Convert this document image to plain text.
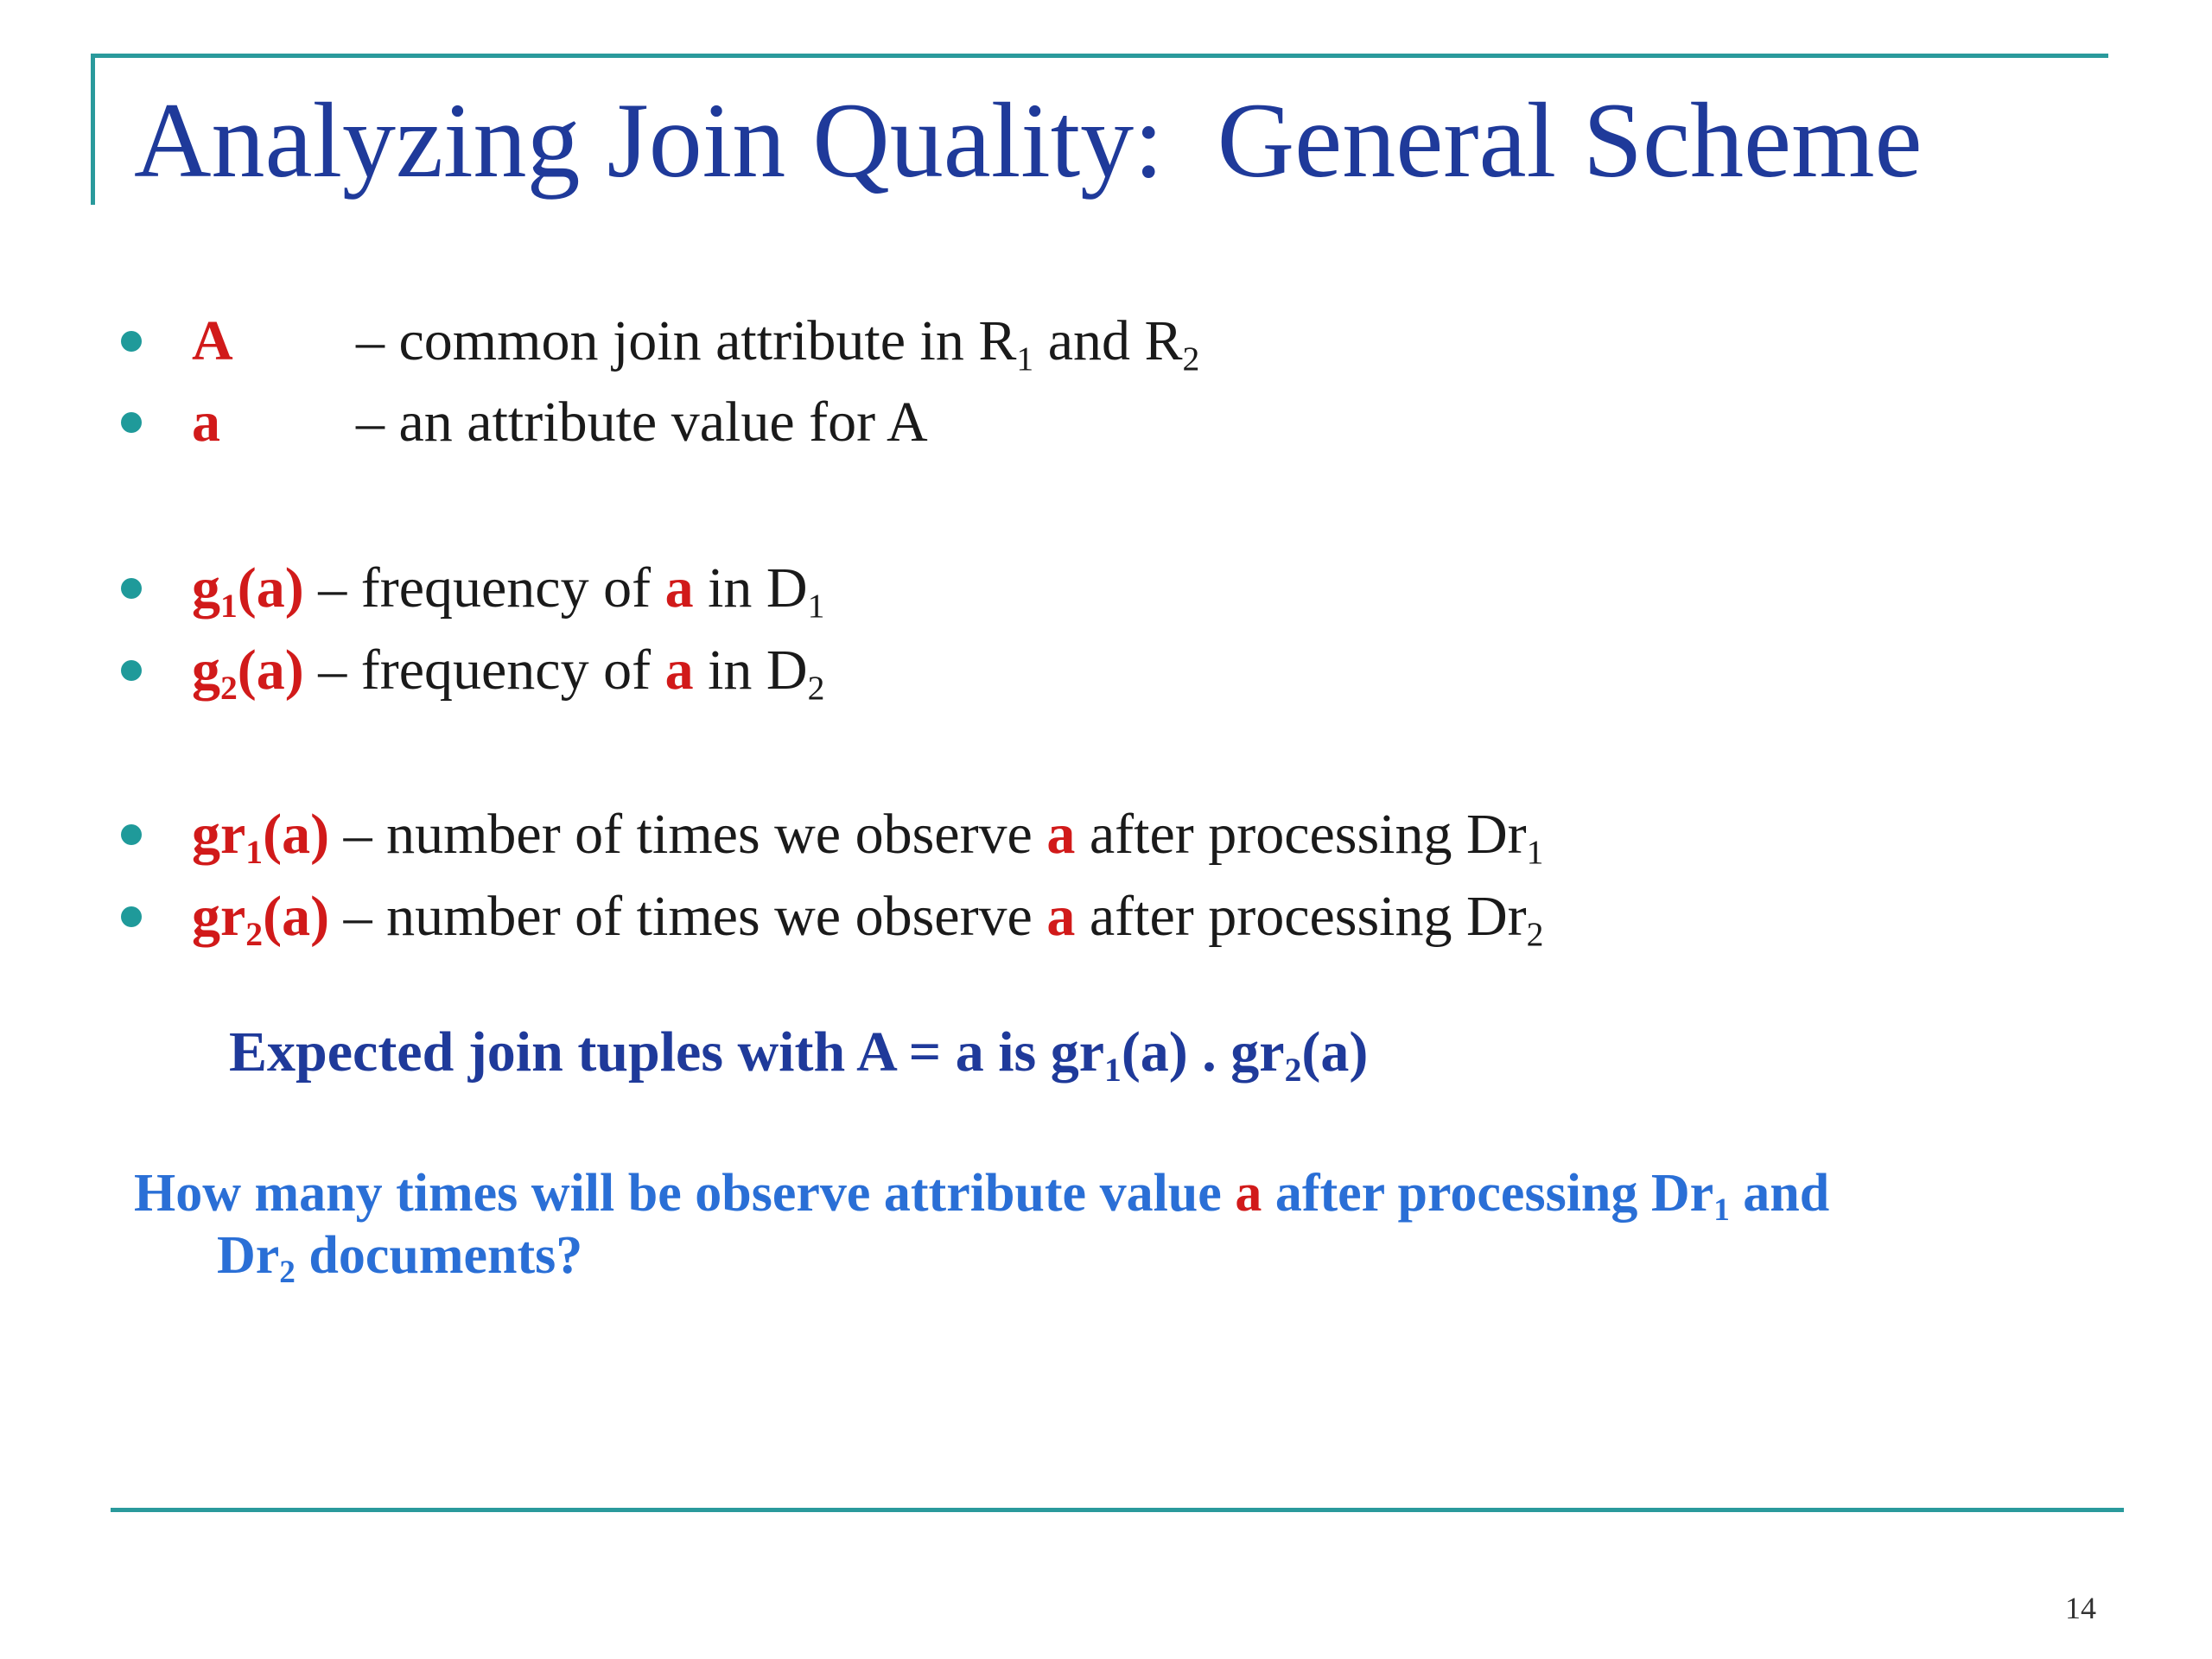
Analyzing Join Quality:  General Scheme
A – common join attribute in $R_1$ and $R_2$
a – an attribute value for A
$g_1(a)$ – frequency of a in $D_1$
$g_2(a)$ – frequency of a in $D_2$
$gr_1(a)$ – number of times we observe a after processing $Dr_1$
$gr_2(a)$ – number of times we observe a after processing $Dr_2$
Expected join tuples with A = a is $gr_1(a)$ . $gr_2(a)$
How many times will be observe attribute value a after processing $Dr_1$ and
$Dr_2$ documents?
14
